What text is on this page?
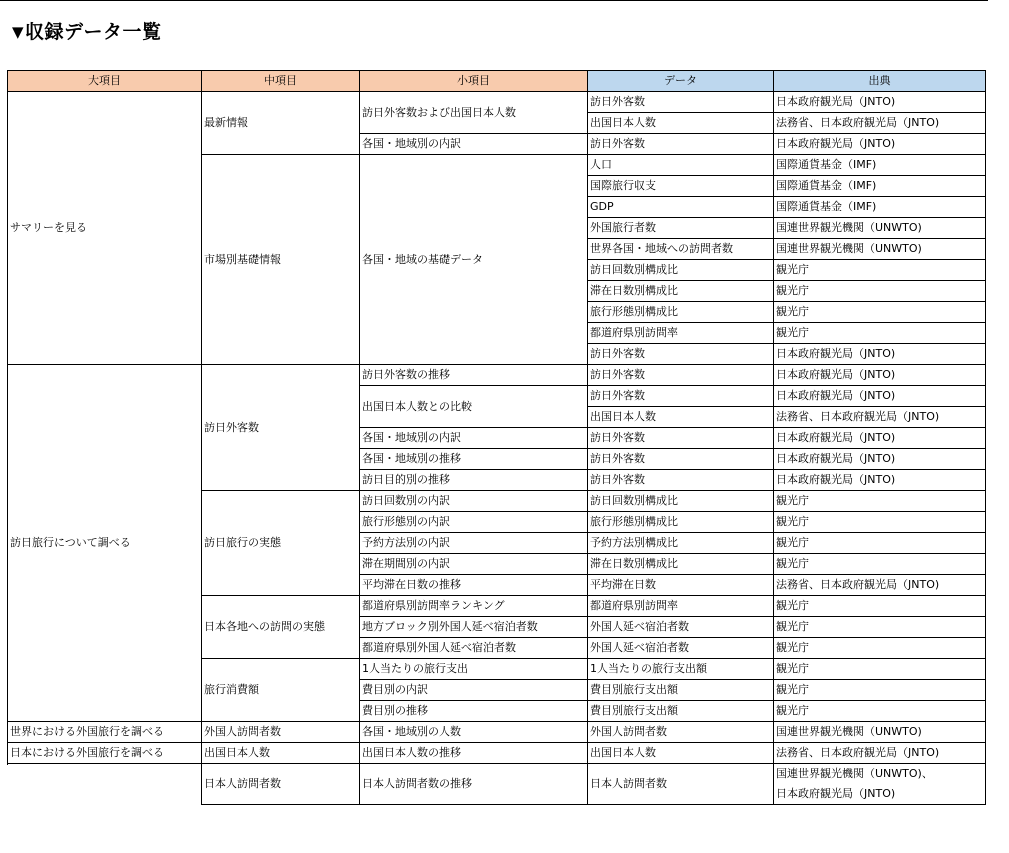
▼収録データ一覧
大項目	中項目	小項目	データ	出典
サマリーを見る	最新情報	訪日外客数および出国日本人数	訪日外客数	日本政府観光局（JNTO)
			出国日本人数	法務省、日本政府観光局（JNTO)
		各国・地域別の内訳	訪日外客数	日本政府観光局（JNTO)
	市場別基礎情報	各国・地域の基礎データ	人口	国際通貨基金（IMF)
			国際旅行収支	国際通貨基金（IMF)
			GDP	国際通貨基金（IMF)
			外国旅行者数	国連世界観光機関（UNWTO)
			世界各国・地域への訪問者数	国連世界観光機関（UNWTO)
			訪日回数別構成比	観光庁
			滞在日数別構成比	観光庁
			旅行形態別構成比	観光庁
			都道府県別訪問率	観光庁
			訪日外客数	日本政府観光局（JNTO)
訪日旅行について調べる	訪日外客数	訪日外客数の推移	訪日外客数	日本政府観光局（JNTO)
		出国日本人数との比較	訪日外客数	日本政府観光局（JNTO)
			出国日本人数	法務省、日本政府観光局（JNTO)
		各国・地域別の内訳	訪日外客数	日本政府観光局（JNTO)
		各国・地域別の推移	訪日外客数	日本政府観光局（JNTO)
		訪日目的別の推移	訪日外客数	日本政府観光局（JNTO)
	訪日旅行の実態	訪日回数別の内訳	訪日回数別構成比	観光庁
		旅行形態別の内訳	旅行形態別構成比	観光庁
		予約方法別の内訳	予約方法別構成比	観光庁
		滞在期間別の内訳	滞在日数別構成比	観光庁
		平均滞在日数の推移	平均滞在日数	法務省、日本政府観光局（JNTO)
	日本各地への訪問の実態	都道府県別訪問率ランキング	都道府県別訪問率	観光庁
		地方ブロック別外国人延べ宿泊者数	外国人延べ宿泊者数	観光庁
		都道府県別外国人延べ宿泊者数	外国人延べ宿泊者数	観光庁
	旅行消費額	1人当たりの旅行支出	1人当たりの旅行支出額	観光庁
		費目別の内訳	費目別旅行支出額	観光庁
		費目別の推移	費目別旅行支出額	観光庁
世界における外国旅行を調べる	外国人訪問者数	各国・地域別の人数	外国人訪問者数	国連世界観光機関（UNWTO)
日本における外国旅行を調べる	出国日本人数	出国日本人数の推移	出国日本人数	法務省、日本政府観光局（JNTO)
	日本人訪問者数	日本人訪問者数の推移	日本人訪問者数	国連世界観光機関（UNWTO)、
日本政府観光局（JNTO)
